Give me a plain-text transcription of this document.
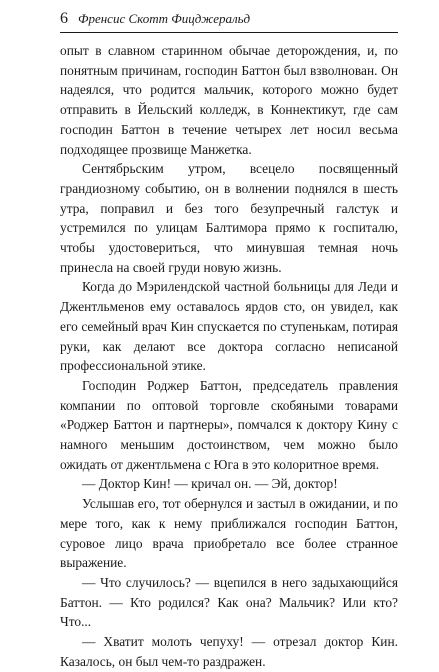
6 Френсис Скотт Фицджеральд

опыт в славном старинном обычае деторождения, и, по понятным причинам, господин Баттон был взволнован. Он надеялся, что родится мальчик, которого можно будет отправить в Йельский колледж, в Коннектикут, где сам господин Баттон в течение четырех лет носил весьма подходящее прозвище Манжетка.

Сентябрьским утром, всецело посвященный грандиозному событию, он в волнении поднялся в шесть утра, поправил и без того безупречный галстук и устремился по улицам Балтимора прямо к госпиталю, чтобы удостовериться, что минувшая темная ночь принесла на своей груди новую жизнь.

Когда до Мэрилендской частной больницы для Леди и Джентльменов ему оставалось ярдов сто, он увидел, как его семейный врач Кин спускается по ступенькам, потирая руки, как делают все доктора согласно неписаной профессиональной этике.

Господин Роджер Баттон, председатель правления компании по оптовой торговле скобяными товарами «Роджер Баттон и партнеры», помчался к доктору Кину с намного меньшим достоинством, чем можно было ожидать от джентльмена с Юга в это колоритное время.

— Доктор Кин! — кричал он. — Эй, доктор!

Услышав его, тот обернулся и застыл в ожидании, и по мере того, как к нему приближался господин Баттон, суровое лицо врача приобретало все более странное выражение.

— Что случилось? — вцепился в него задыхающийся Баттон. — Кто родился? Как она? Мальчик? Или кто? Что...

— Хватит молоть чепуху! — отрезал доктор Кин. Казалось, он был чем-то раздражен.
